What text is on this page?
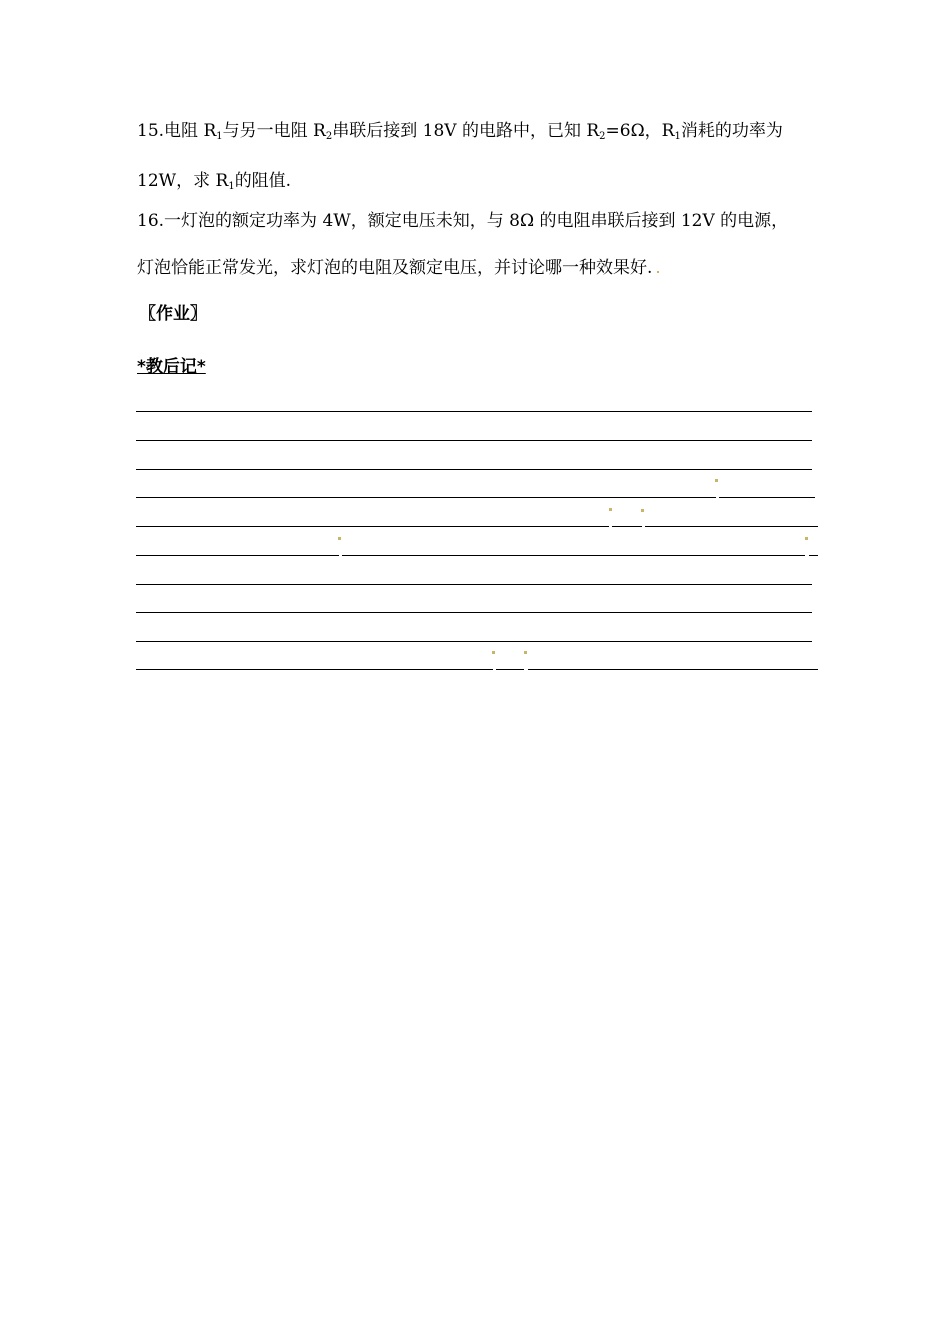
15.电阻 $R_1$与另一电阻 $R_2$串联后接到 18V 的电路中，已知 $R_2=6\Omega$，$R_1$消耗的功率为
12W，求 $R_1$的阻值.
16.一灯泡的额定功率为 4W，额定电压未知，与 8Ω 的电阻串联后接到 12V 的电源，
灯泡恰能正常发光，求灯泡的电阻及额定电压，并讨论哪一种效果好.
〖作业〗
*教后记*
